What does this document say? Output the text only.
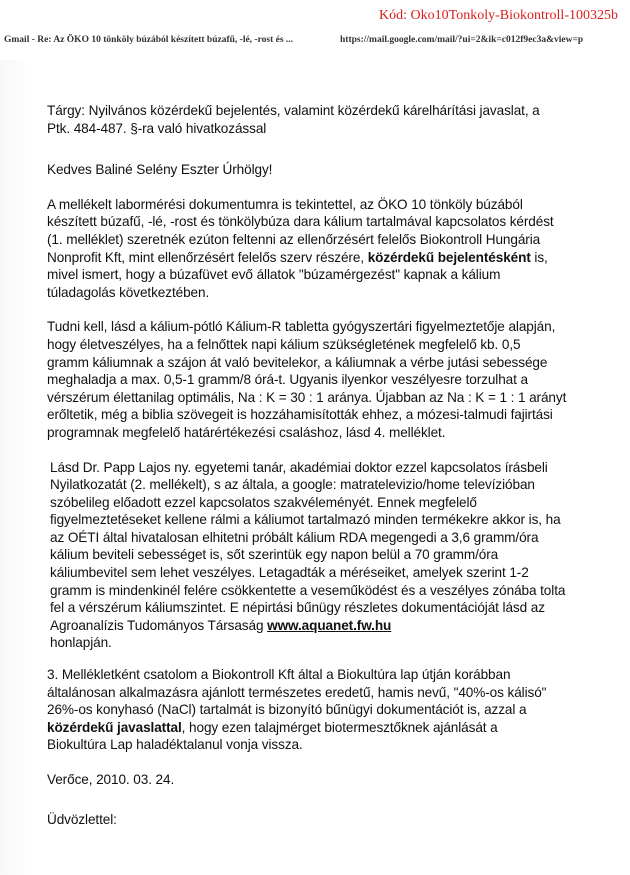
Kód: Oko10Tonkoly-Biokontroll-100325b
Gmail - Re: Az ÖKO 10 tönköly búzából készített búzafű, -lé, -rost és ...	https://mail.google.com/mail/?ui=2&ik=c012f9ec3a&view=p

Tárgy: Nyilvános közérdekű bejelentés, valamint közérdekű kárelhárítási javaslat, a
Ptk. 484-487. §-ra való hivatkozással

Kedves Baliné Selény Eszter Úrhölgy!

A mellékelt labormérési dokumentumra is tekintettel, az ÖKO 10 tönköly búzából
készített búzafű, -lé, -rost és tönkölybúza dara kálium tartalmával kapcsolatos kérdést
(1. melléklet) szeretnék ezúton feltenni az ellenőrzésért felelős Biokontroll Hungária
Nonprofit Kft, mint ellenőrzésért felelős szerv részére, közérdekű bejelentésként is,
mivel ismert, hogy a búzafüvet evő állatok "búzamérgezést" kapnak a kálium
túladagolás következtében.

Tudni kell, lásd a kálium-pótló Kálium-R tabletta gyógyszertári figyelmeztetője alapján,
hogy életveszélyes, ha a felnőttek napi kálium szükségletének megfelelő kb. 0,5
gramm káliumnak a szájon át való bevitelekor, a káliumnak a vérbe jutási sebessége
meghaladja a max. 0,5-1 gramm/8 órá-t. Ugyanis ilyenkor veszélyesre torzulhat a
vérszérum élettanilag optimális, Na : K = 30 : 1 aránya. Újabban az Na : K = 1 : 1 arányt
erőltetik, még a biblia szövegeit is hozzáhamisították ehhez, a mózesi-talmudi fajirtási
programnak megfelelő határértékezési csaláshoz, lásd 4. melléklet.

Lásd Dr. Papp Lajos ny. egyetemi tanár, akadémiai doktor ezzel kapcsolatos írásbeli
Nyilatkozatát (2. mellékelt), s az általa, a google: matratelevizio/home televízióban
szóbelileg előadott ezzel kapcsolatos szakvéleményét. Ennek megfelelő
figyelmeztetéseket kellene rálmi a káliumot tartalmazó minden termékekre akkor is, ha
az OÉTI által hivatalosan elhitetni próbált kálium RDA megengedi a 3,6 gramm/óra
kálium beviteli sebességet is, sőt szerintük egy napon belül a 70 gramm/óra
káliumbevitel sem lehet veszélyes. Letagadták a méréseiket, amelyek szerint 1-2
gramm is mindenkinél felére csökkentette a veseműködést és a veszélyes zónába tolta
fel a vérszérum káliumszintet. E népirtási bűnügy részletes dokumentációját lásd az
Agroanalízis Tudományos Társaság www.aquanet.fw.hu
honlapján.

3. Mellékletként csatolom a Biokontroll Kft által a Biokultúra lap útján korábban
általánosan alkalmazásra ajánlott természetes eredetű, hamis nevű, "40%-os kálisó"
26%-os konyhasó (NaCl) tartalmát is bizonyító bűnügyi dokumentációt is, azzal a
közérdekű javaslattal, hogy ezen talajmérget biotermesztőknek ajánlását a
Biokultúra Lap haladéktalanul vonja vissza.

Verőce, 2010. 03. 24.

Üdvözlettel:
